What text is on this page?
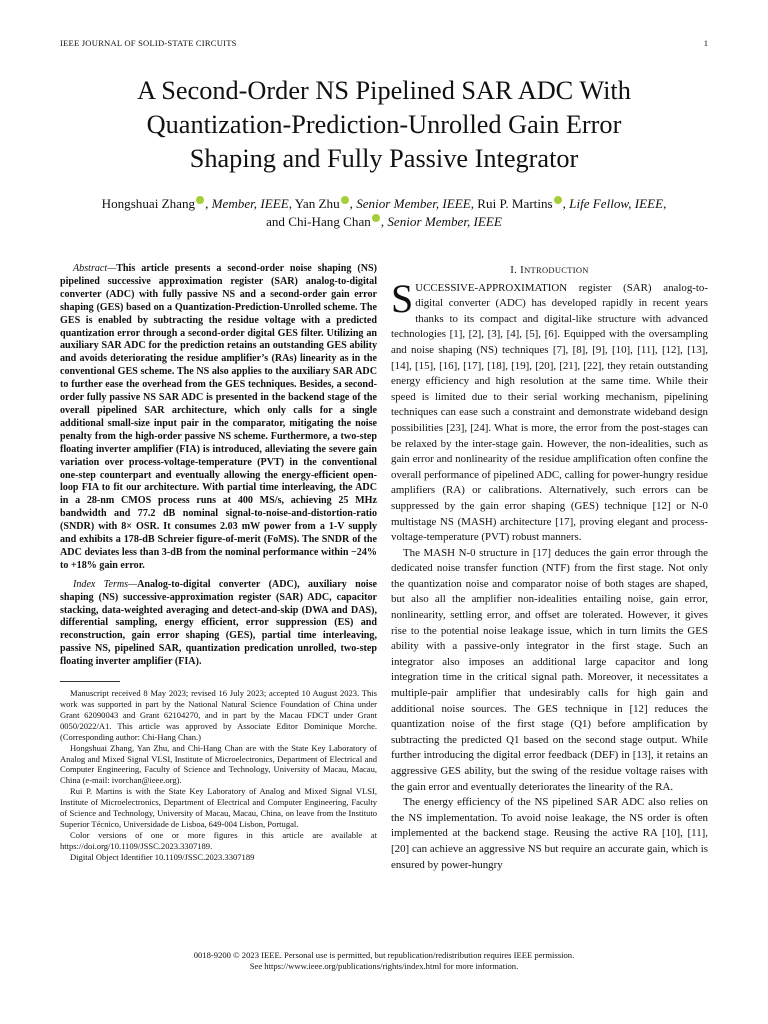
IEEE JOURNAL OF SOLID-STATE CIRCUITS	1
A Second-Order NS Pipelined SAR ADC With
Quantization-Prediction-Unrolled Gain Error
Shaping and Fully Passive Integrator
Hongshuai Zhang , Member, IEEE, Yan Zhu , Senior Member, IEEE, Rui P. Martins , Life Fellow, IEEE,
and Chi-Hang Chan , Senior Member, IEEE

Abstract—This article presents a second-order noise shaping (NS) pipelined successive approximation register (SAR) analog-to-digital converter (ADC) with fully passive NS and a second-order gain error shaping (GES) based on a Quantization-Prediction-Unrolled scheme. The GES is enabled by subtracting the residue voltage with a predicted quantization error through a second-order digital GES filter. Utilizing an auxiliary SAR ADC for the prediction retains an outstanding GES ability and avoids deteriorating the residue amplifier’s (RAs) linearity as in the conventional GES scheme. The NS also applies to the auxiliary SAR ADC to further ease the overhead from the GES techniques. Besides, a second-order fully passive NS SAR ADC is presented in the backend stage of the overall pipelined SAR architecture, which only calls for a single additional small-size input pair in the comparator, mitigating the noise penalty from the high-order passive NS scheme. Furthermore, a two-step floating inverter amplifier (FIA) is introduced, alleviating the severe gain variation over process-voltage-temperature (PVT) in the conventional one-step counterpart and eventually allowing the energy-efficient open-loop FIA to fit our architecture. With partial time interleaving, the ADC in a 28-nm CMOS process runs at 400 MS/s, achieving 25 MHz bandwidth and 77.2 dB nominal signal-to-noise-and-distortion-ratio (SNDR) with 8× OSR. It consumes 2.03 mW power from a 1-V supply and exhibits a 178-dB Schreier figure-of-merit (FoMS). The SNDR of the ADC deviates less than 3-dB from the nominal performance within −24% to +18% gain error.

Index Terms—Analog-to-digital converter (ADC), auxiliary noise shaping (NS) successive-approximation register (SAR) ADC, capacitor stacking, data-weighted averaging and detect-and-skip (DWA and DAS), differential sampling, energy efficient, error suppression (ES) and reconstruction, gain error shaping (GES), partial time interleaving, passive NS, pipelined SAR, quantization predication unrolled, two-step floating inverter amplifier (FIA).

Manuscript received 8 May 2023; revised 16 July 2023; accepted 10 August 2023. This work was supported in part by the National Natural Science Foundation of China under Grant 62090043 and Grant 62104270, and in part by the Macau FDCT under Grant 0050/2022/A1. This article was approved by Associate Editor Dominique Morche. (Corresponding author: Chi-Hang Chan.)

Hongshuai Zhang, Yan Zhu, and Chi-Hang Chan are with the State Key Laboratory of Analog and Mixed Signal VLSI, Institute of Microelectronics, Department of Electrical and Computer Engineering, Faculty of Science and Technology, University of Macau, Macau, China (e-mail: ivorchan@ieee.org).

Rui P. Martins is with the State Key Laboratory of Analog and Mixed Signal VLSI, Institute of Microelectronics, Department of Electrical and Computer Engineering, Faculty of Science and Technology, University of Macau, Macau, China, on leave from the Instituto Superior Técnico, Universidade de Lisboa, 649-004 Lisbon, Portugal.

Color versions of one or more figures in this article are available at https://doi.org/10.1109/JSSC.2023.3307189.

Digital Object Identifier 10.1109/JSSC.2023.3307189

I. INTRODUCTION

SUCCESSIVE-APPROXIMATION register (SAR) analog-to-digital converter (ADC) has developed rapidly in recent years thanks to its compact and digital-like structure with advanced technologies [1], [2], [3], [4], [5], [6]. Equipped with the oversampling and noise shaping (NS) techniques [7], [8], [9], [10], [11], [12], [13], [14], [15], [16], [17], [18], [19], [20], [21], [22], they retain outstanding energy efficiency and high resolution at the same time. While their speed is limited due to their serial working mechanism, pipelining techniques can ease such a constraint and demonstrate wideband design possibilities [23], [24]. What is more, the error from the post-stages can be relaxed by the inter-stage gain. However, the non-idealities, such as gain error and nonlinearity of the residue amplification often confine the overall performance of pipelined ADC, calling for power-hungry residue amplifiers (RA) or calibrations. Alternatively, such errors can be suppressed by the gain error shaping (GES) technique [12] or N-0 multistage NS (MASH) architecture [17], proving elegant and process-voltage-temperature (PVT) robust manners.

The MASH N-0 structure in [17] deduces the gain error through the dedicated noise transfer function (NTF) from the first stage. Not only the quantization noise and comparator noise of both stages are shaped, but also all the amplifier non-idealities entailing noise, gain error, nonlinearity, settling error, and offset are tolerated. However, it gives rise to the potential noise leakage issue, which in turn limits the GES ability with a passive-only integrator in the first stage. Such an integrator also imposes an additional large capacitor and long integration time in the critical signal path. Moreover, it necessitates a multiple-pair amplifier that undesirably calls for high gain and additional noise sources. The GES technique in [12] reduces the quantization noise of the first stage (Q1) before amplification by subtracting the predicted Q1 based on the second stage output. While further introducing the digital error feedback (DEF) in [13], it retains an aggressive GES ability, but the swing of the residue voltage raises with the gain error and eventually deteriorates the linearity of the RA.

The energy efficiency of the NS pipelined SAR ADC also relies on the NS implementation. To avoid noise leakage, the NS order is often implemented at the backend stage. Reusing the active RA [10], [11], [20] can achieve an aggressive NS but require an accurate gain, which is ensured by power-hungry

0018-9200 © 2023 IEEE. Personal use is permitted, but republication/redistribution requires IEEE permission.
See https://www.ieee.org/publications/rights/index.html for more information.
